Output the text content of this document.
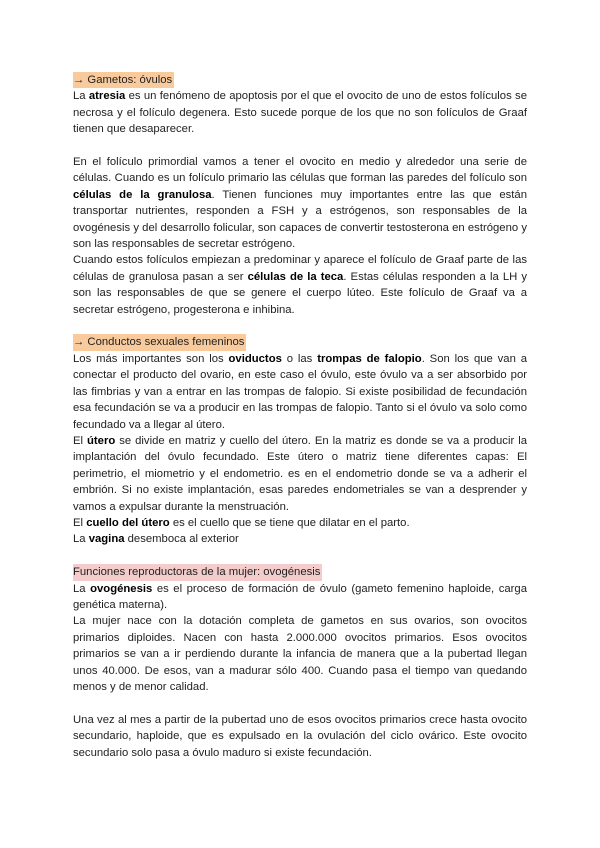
→ Gametos: óvulos

La atresia es un fenómeno de apoptosis por el que el ovocito de uno de estos folículos se necrosa y el folículo degenera. Esto sucede porque de los que no son folículos de Graaf tienen que desaparecer.

En el folículo primordial vamos a tener el ovocito en medio y alrededor una serie de células. Cuando es un folículo primario las células que forman las paredes del folículo son células de la granulosa. Tienen funciones muy importantes entre las que están transportar nutrientes, responden a FSH y a estrógenos, son responsables de la ovogénesis y del desarrollo folicular, son capaces de convertir testosterona en estrógeno y son las responsables de secretar estrógeno.

Cuando estos folículos empiezan a predominar y aparece el folículo de Graaf parte de las células de granulosa pasan a ser células de la teca. Estas células responden a la LH y son las responsables de que se genere el cuerpo lúteo. Este folículo de Graaf va a secretar estrógeno, progesterona e inhibina.

→ Conductos sexuales femeninos

Los más importantes son los oviductos o las trompas de falopio. Son los que van a conectar el producto del ovario, en este caso el óvulo, este óvulo va a ser absorbido por las fimbrias y van a entrar en las trompas de falopio. Si existe posibilidad de fecundación esa fecundación se va a producir en las trompas de falopio. Tanto si el óvulo va solo como fecundado va a llegar al útero.

El útero se divide en matriz y cuello del útero. En la matriz es donde se va a producir la implantación del óvulo fecundado. Este útero o matriz tiene diferentes capas: El perimetrio, el miometrio y el endometrio. es en el endometrio donde se va a adherir el embrión. Si no existe implantación, esas paredes endometriales se van a desprender y vamos a expulsar durante la menstruación.

El cuello del útero es el cuello que se tiene que dilatar en el parto.

La vagina desemboca al exterior

Funciones reproductoras de la mujer: ovogénesis

La ovogénesis es el proceso de formación de óvulo (gameto femenino haploide, carga genética materna).

La mujer nace con la dotación completa de gametos en sus ovarios, son ovocitos primarios diploides. Nacen con hasta 2.000.000 ovocitos primarios. Esos ovocitos primarios se van a ir perdiendo durante la infancia de manera que a la pubertad llegan unos 40.000. De esos, van a madurar sólo 400. Cuando pasa el tiempo van quedando menos y de menor calidad.

Una vez al mes a partir de la pubertad uno de esos ovocitos primarios crece hasta ovocito secundario, haploide, que es expulsado en la ovulación del ciclo ovárico. Este ovocito secundario solo pasa a óvulo maduro si existe fecundación.
